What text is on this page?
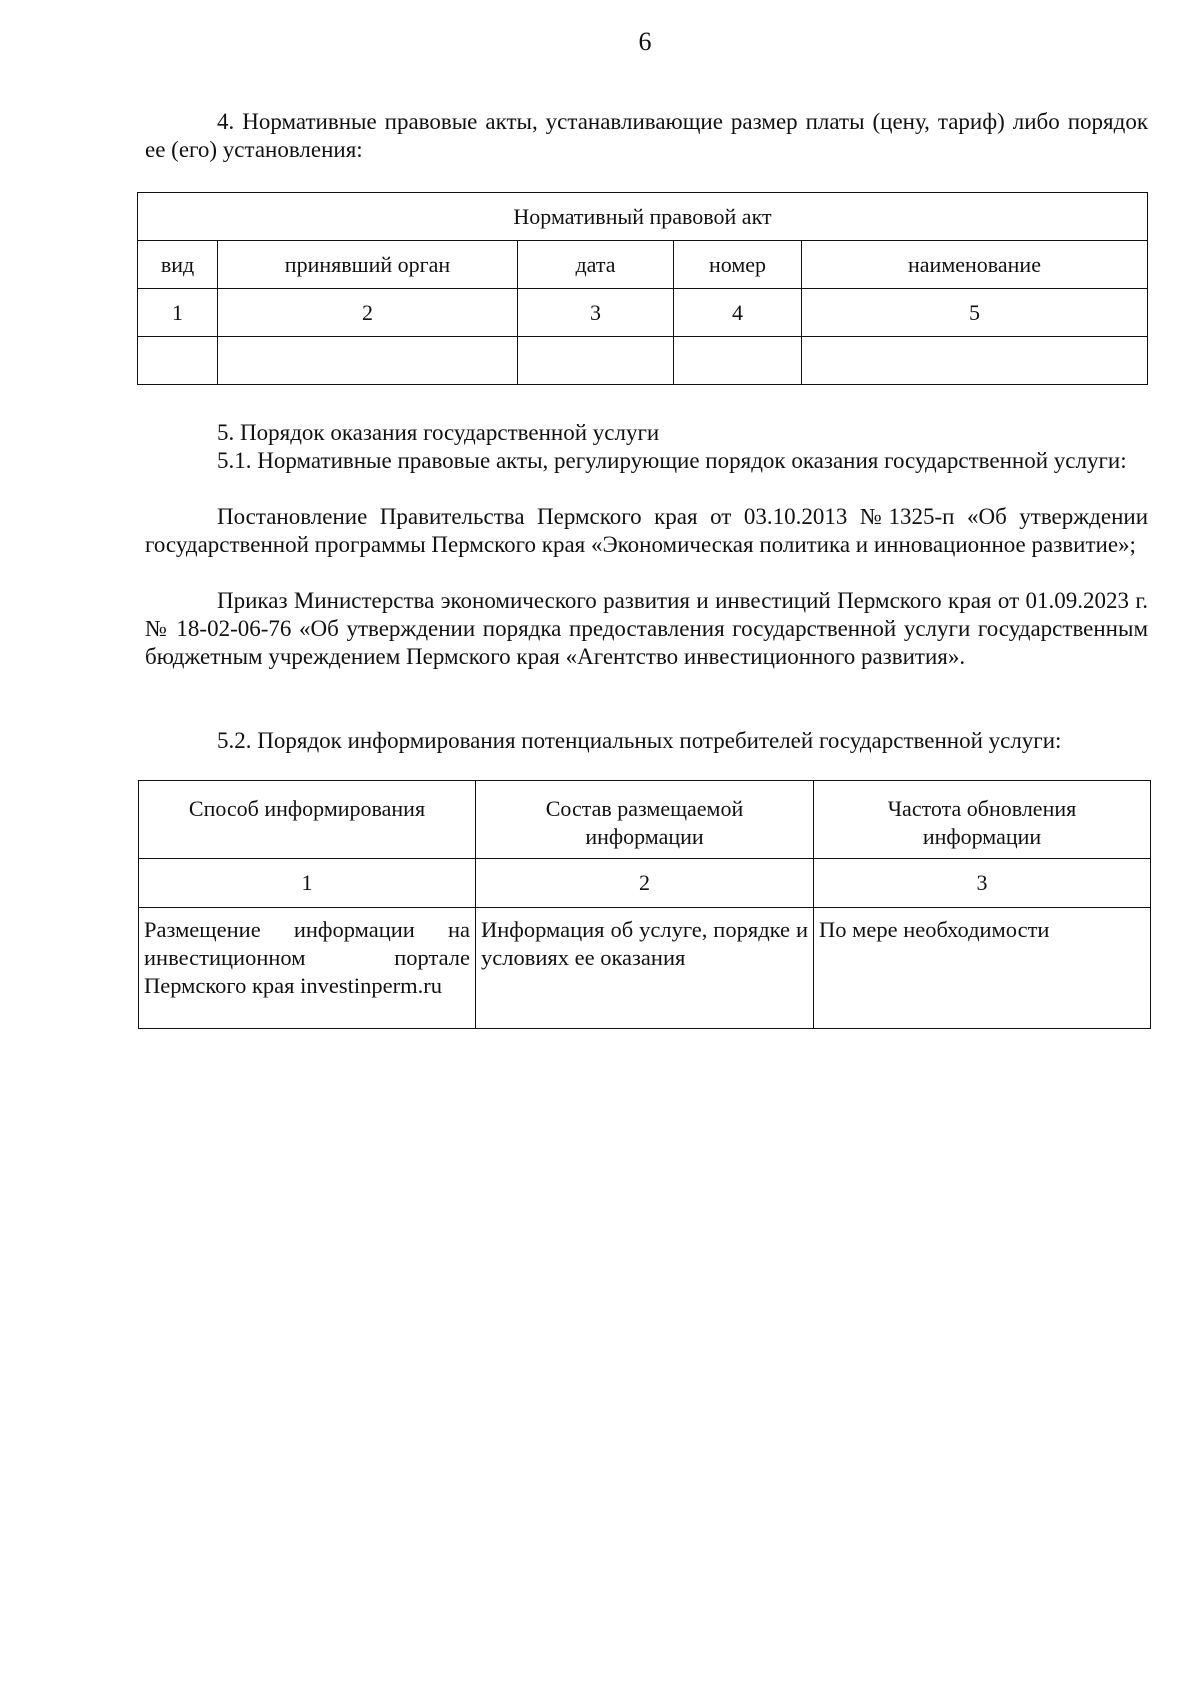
6

4. Нормативные правовые акты, устанавливающие размер платы (цену, тариф) либо порядок ее (его) установления:

Нормативный правовой акт				
вид	принявший орган	дата	номер	наименование
1	2	3	4	5

5. Порядок оказания государственной услуги

5.1. Нормативные правовые акты, регулирующие порядок оказания государственной услуги:

Постановление Правительства Пермского края от 03.10.2013 №1325-п «Об утверждении государственной программы Пермского края «Экономическая политика и инновационное развитие»;

Приказ Министерства экономического развития и инвестиций Пермского края от 01.09.2023 г. № 18-02-06-76 «Об утверждении порядка предоставления государственной услуги государственным бюджетным учреждением Пермского края «Агентство инвестиционного развития».

5.2. Порядок информирования потенциальных потребителей государственной услуги:

Способ информирования	Состав размещаемой информации	Частота обновления информации
1	2	3
Размещение информации на инвестиционном портале Пермского края investinperm.ru	Информация об услуге, порядке и условиях ее оказания	По мере необходимости
